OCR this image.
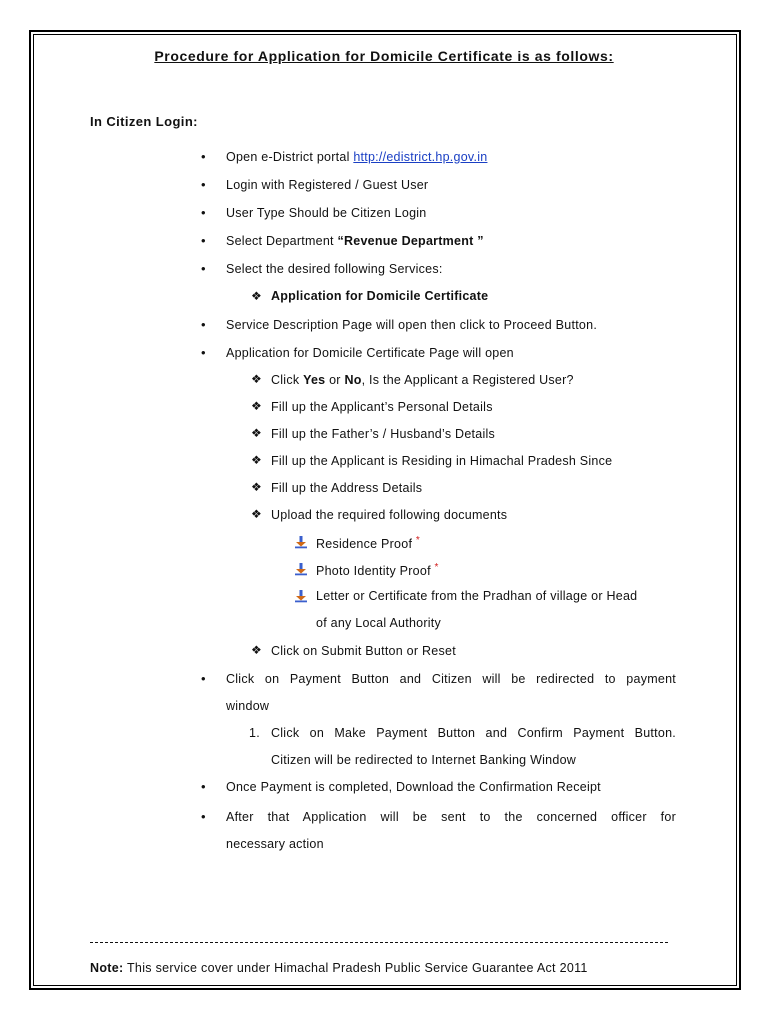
Procedure for Application for Domicile Certificate is as follows:
In Citizen Login:
• Open e-District portal http://edistrict.hp.gov.in
• Login with Registered / Guest User
• User Type Should be Citizen Login
• Select Department “Revenue Department ”
• Select the desired following Services:
❖ Application for Domicile Certificate
• Service Description Page will open then click to Proceed Button.
• Application for Domicile Certificate Page will open
❖ Click Yes or No, Is the Applicant a Registered User?
❖ Fill up the Applicant’s Personal Details
❖ Fill up the Father’s / Husband’s Details
❖ Fill up the Applicant is Residing in Himachal Pradesh Since
❖ Fill up the Address Details
❖ Upload the required following documents
Residence Proof *
Photo Identity Proof *
Letter or Certificate from the Pradhan of village or Head
of any Local Authority
❖ Click on Submit Button or Reset
• Click on Payment Button and Citizen will be redirected to payment
window
1. Click on Make Payment Button and Confirm Payment Button.
Citizen will be redirected to Internet Banking Window
• Once Payment is completed, Download the Confirmation Receipt
• After that Application will be sent to the concerned officer for
necessary action
Note: This service cover under Himachal Pradesh Public Service Guarantee Act 2011
